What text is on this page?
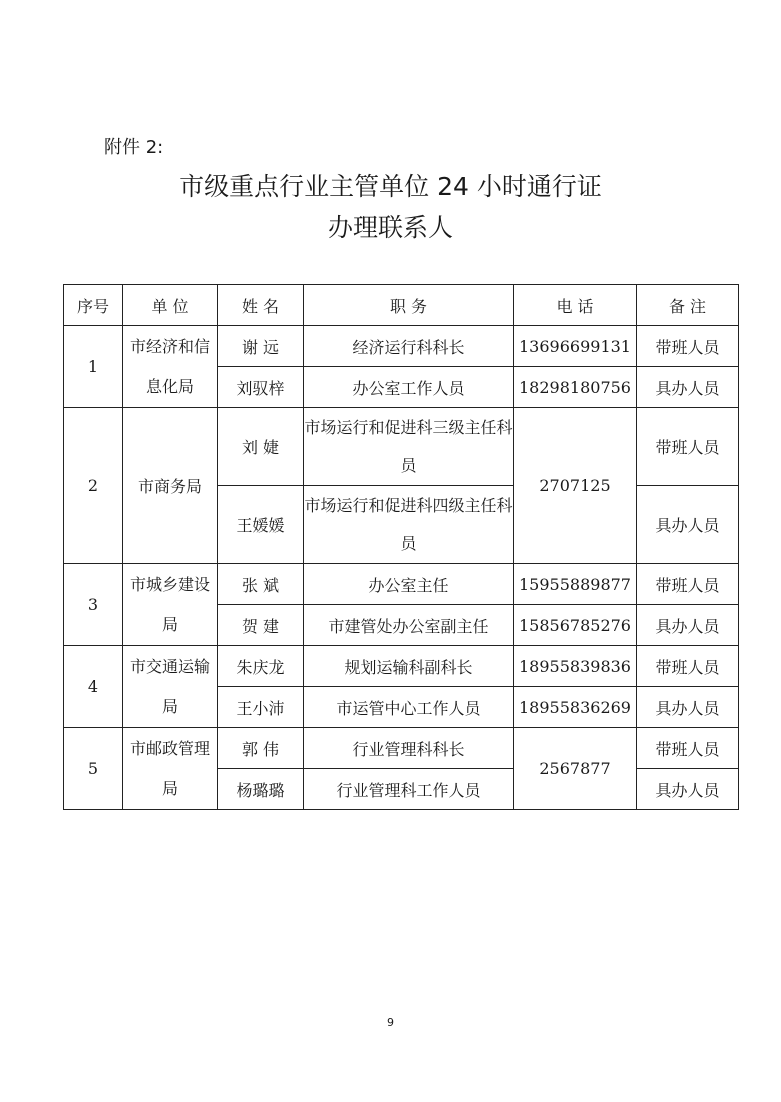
附件 2:
市级重点行业主管单位 24 小时通行证
办理联系人
序号	单 位	姓 名	职 务	电 话	备 注
1	市经济和信息化局	谢 远	经济运行科科长	13696699131	带班人员
		刘驭梓	办公室工作人员	18298180756	具办人员
2	市商务局	刘 婕	市场运行和促进科三级主任科员	2707125	带班人员
		王媛媛	市场运行和促进科四级主任科员		具办人员
3	市城乡建设局	张 斌	办公室主任	15955889877	带班人员
		贺 建	市建管处办公室副主任	15856785276	具办人员
4	市交通运输局	朱庆龙	规划运输科副科长	18955839836	带班人员
		王小沛	市运管中心工作人员	18955836269	具办人员
5	市邮政管理局	郭 伟	行业管理科科长	2567877	带班人员
		杨璐璐	行业管理科工作人员		具办人员
9
